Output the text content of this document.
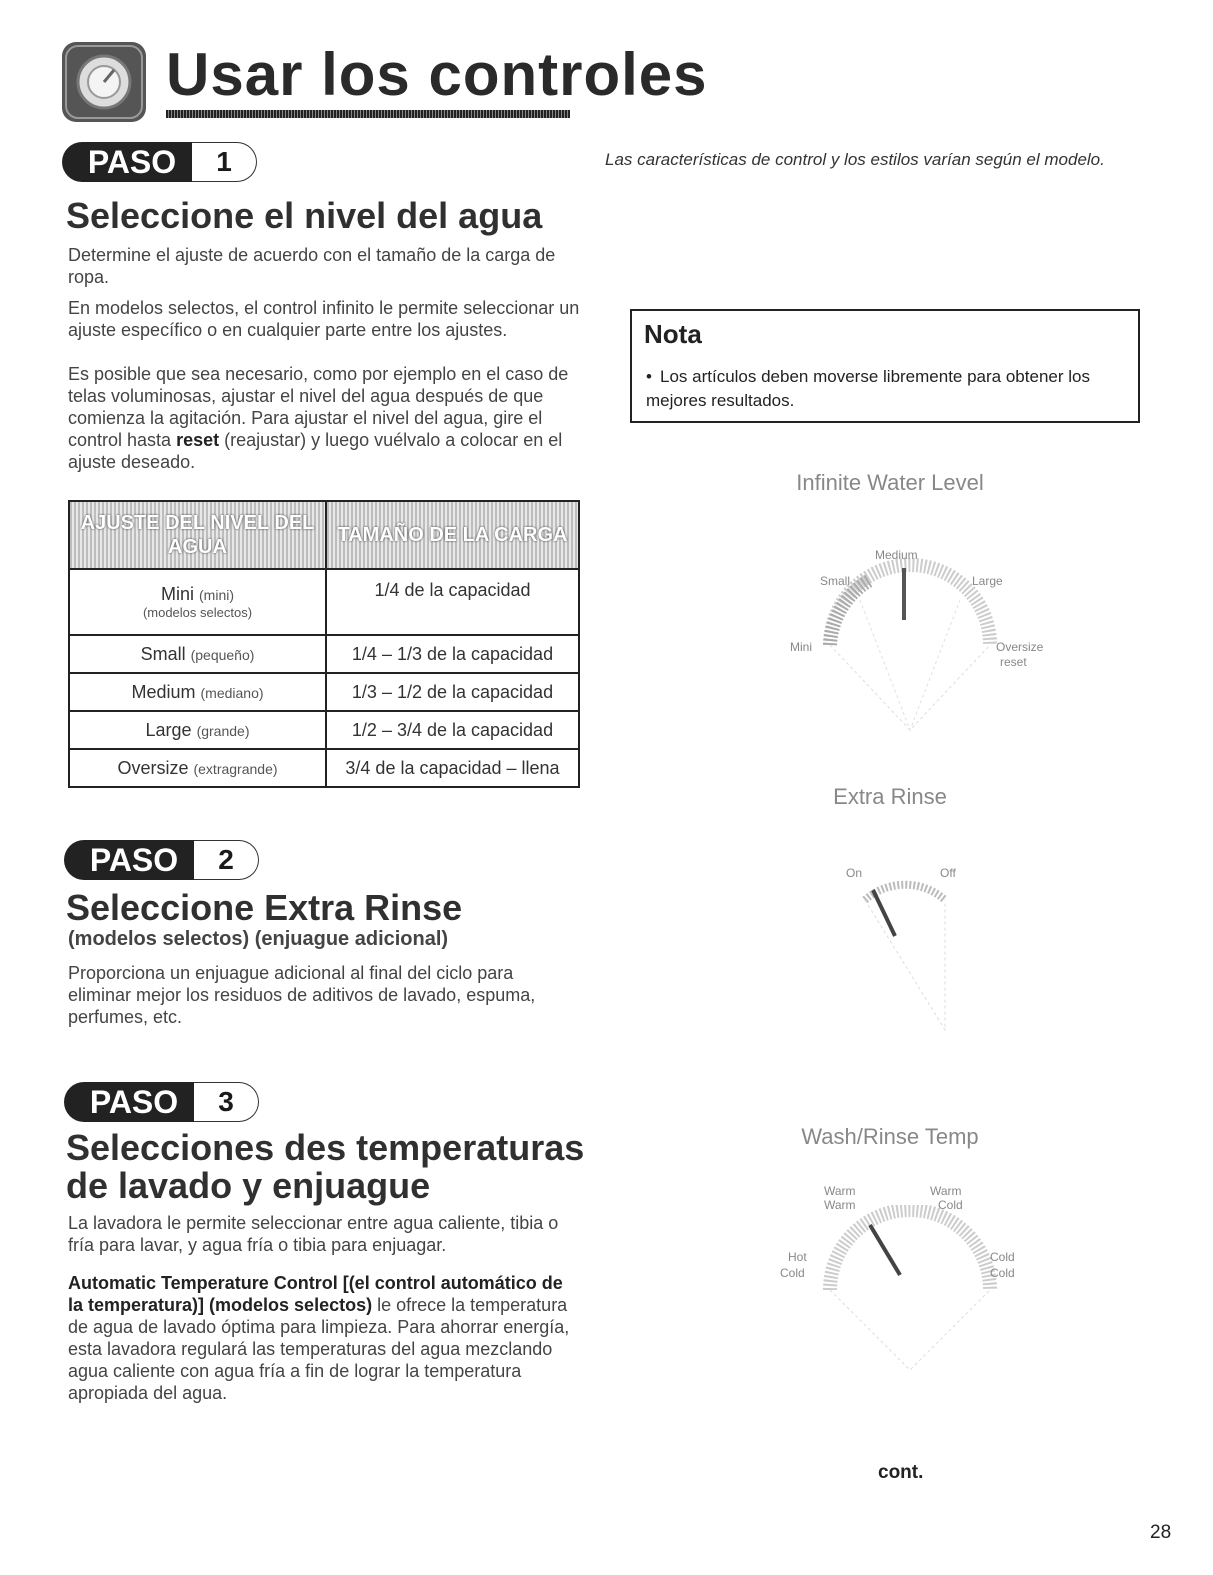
Usar los controles
Las características de control y los estilos varían según el modelo.
PASO	1
Seleccione el nivel del agua

Determine el ajuste de acuerdo con el tamaño de la carga de ropa.

En modelos selectos, el control infinito le permite seleccionar un ajuste específico o en cualquier parte entre los ajustes.

Es posible que sea necesario, como por ejemplo en el caso de telas voluminosas, ajustar el nivel del agua después de que comienza la agitación. Para ajustar el nivel del agua, gire el control hasta reset (reajustar) y luego vuélvalo a colocar en el ajuste deseado.

AJUSTE DEL NIVEL DEL AGUA	TAMAÑO DE LA CARGA
Mini (mini)
(modelos selectos)	1/4 de la capacidad
Small (pequeño)	1/4 – 1/3 de la capacidad
Medium (mediano)	1/3 – 1/2 de la capacidad
Large (grande)	1/2 – 3/4 de la capacidad
Oversize (extragrande)	3/4 de la capacidad – llena
PASO	2
Seleccione Extra Rinse
(modelos selectos) (enjuague adicional)

Proporciona un enjuague adicional al final del ciclo para eliminar mejor los residuos de aditivos de lavado, espuma, perfumes, etc.

PASO	3
Selecciones des temperaturas
de lavado y enjuague

La lavadora le permite seleccionar entre agua caliente, tibia o fría para lavar, y agua fría o tibia para enjuagar.

Automatic Temperature Control [(el control automático de la temperatura)] (modelos selectos) le ofrece la temperatura de agua de lavado óptima para limpieza. Para ahorrar energía, esta lavadora regulará las temperaturas del agua mezclando agua caliente con agua fría a fin de lograr la temperatura apropiada del agua.

Nota
• Los artículos deben moverse libremente para obtener los mejores resultados.
Infinite Water Level
Medium
Small	Large
Mini	Oversize
reset
Extra Rinse
On	Off
Wash/Rinse Temp
Warm
Warm
Warm
Cold
Hot
Cold
Cold
Cold
cont.
28
